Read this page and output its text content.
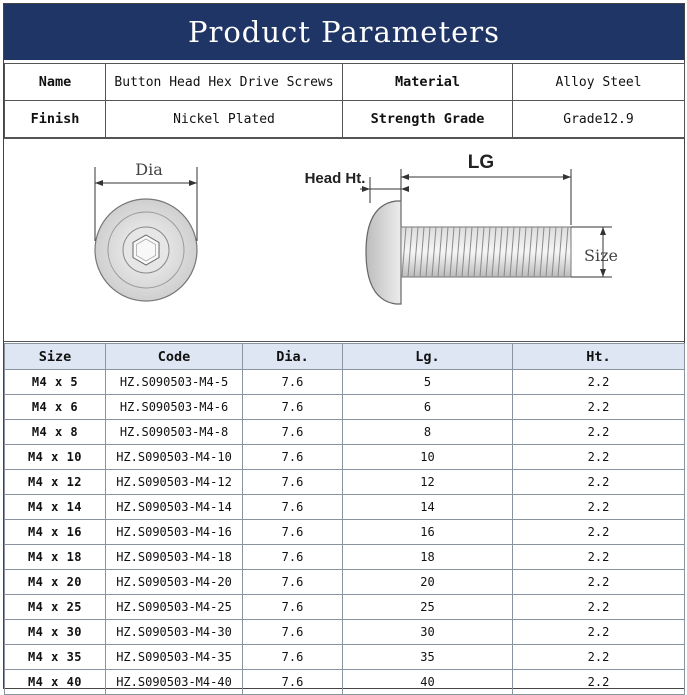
Product Parameters
Name	Button Head Hex Drive Screws	Material	Alloy Steel
Finish	Nickel Plated	Strength Grade	Grade12.9
Dia	LG
Head Ht.
Size
Size	Code	Dia.	Lg.	Ht.
M4 x 5	HZ.S090503-M4-5	7.6	5	2.2
M4 x 6	HZ.S090503-M4-6	7.6	6	2.2
M4 x 8	HZ.S090503-M4-8	7.6	8	2.2
M4 x 10	HZ.S090503-M4-10	7.6	10	2.2
M4 x 12	HZ.S090503-M4-12	7.6	12	2.2
M4 x 14	HZ.S090503-M4-14	7.6	14	2.2
M4 x 16	HZ.S090503-M4-16	7.6	16	2.2
M4 x 18	HZ.S090503-M4-18	7.6	18	2.2
M4 x 20	HZ.S090503-M4-20	7.6	20	2.2
M4 x 25	HZ.S090503-M4-25	7.6	25	2.2
M4 x 30	HZ.S090503-M4-30	7.6	30	2.2
M4 x 35	HZ.S090503-M4-35	7.6	35	2.2
M4 x 40	HZ.S090503-M4-40	7.6	40	2.2
